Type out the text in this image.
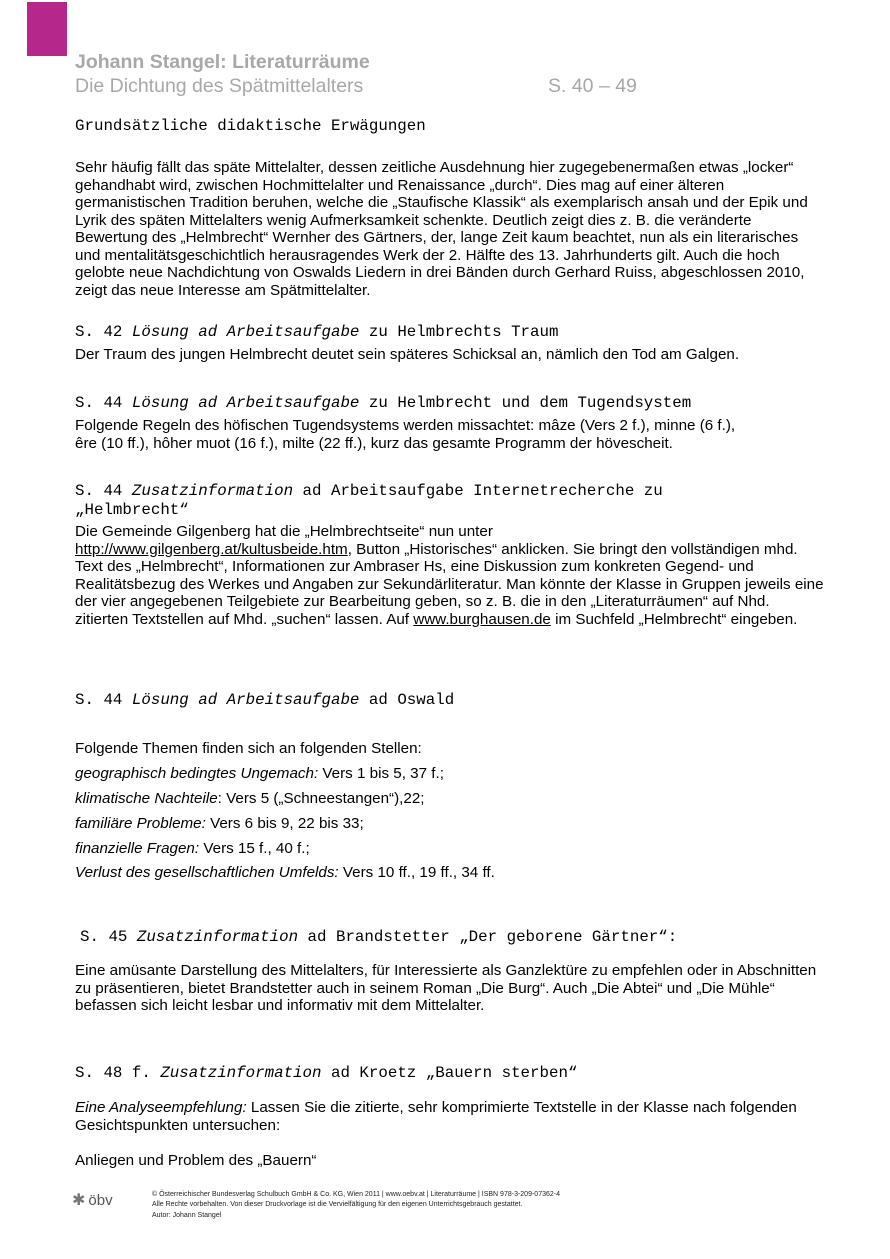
Johann Stangel: Literaturräume
Die Dichtung des Spätmittelalters	S. 40 – 49
Grundsätzliche didaktische Erwägungen
Sehr häufig fällt das späte Mittelalter, dessen zeitliche Ausdehnung hier zugegebenermaßen etwas „locker“ gehandhabt wird, zwischen Hochmittelalter und Renaissance „durch“. Dies mag auf einer älteren germanistischen Tradition beruhen, welche die „Staufische Klassik“ als exemplarisch ansah und der Epik und Lyrik des späten Mittelalters wenig Aufmerksamkeit schenkte. Deutlich zeigt dies z. B. die veränderte Bewertung des „Helmbrecht“ Wernher des Gärtners, der, lange Zeit kaum beachtet, nun als ein literarisches und mentalitätsgeschichtlich herausragendes Werk der 2. Hälfte des 13. Jahrhunderts gilt. Auch die hoch gelobte neue Nachdichtung von Oswalds Liedern in drei Bänden durch Gerhard Ruiss, abgeschlossen 2010, zeigt das neue Interesse am Spätmittelalter.
S. 42 Lösung ad Arbeitsaufgabe zu Helmbrechts Traum
Der Traum des jungen Helmbrecht deutet sein späteres Schicksal an, nämlich den Tod am Galgen.
S. 44 Lösung ad Arbeitsaufgabe zu Helmbrecht und dem Tugendsystem
Folgende Regeln des höfischen Tugendsystems werden missachtet: mâze (Vers 2 f.), minne (6 f.),
êre (10 ff.), hôher muot (16 f.), milte (22 ff.), kurz das gesamte Programm der hövescheit.
S. 44 Zusatzinformation ad Arbeitsaufgabe Internetrecherche zu
„Helmbrecht“
Die Gemeinde Gilgenberg hat die „Helmbrechtseite“ nun unter
http://www.gilgenberg.at/kultusbeide.htm, Button „Historisches“ anklicken. Sie bringt den vollständigen mhd. Text des „Helmbrecht“, Informationen zur Ambraser Hs, eine Diskussion zum konkreten Gegend- und Realitätsbezug des Werkes und Angaben zur Sekundärliteratur. Man könnte der Klasse in Gruppen jeweils eine der vier angegebenen Teilgebiete zur Bearbeitung geben, so z. B. die in den „Literaturräumen“ auf Nhd. zitierten Textstellen auf Mhd. „suchen“ lassen. Auf www.burghausen.de im Suchfeld „Helmbrecht“ eingeben.
S. 44 Lösung ad Arbeitsaufgabe ad Oswald
Folgende Themen finden sich an folgenden Stellen:
geographisch bedingtes Ungemach: Vers 1 bis 5, 37 f.;
klimatische Nachteile: Vers 5 („Schneestangen“),22;
familiäre Probleme: Vers 6 bis 9, 22 bis 33;
finanzielle Fragen: Vers 15 f., 40 f.;
Verlust des gesellschaftlichen Umfelds: Vers 10 ff., 19 ff., 34 ff.
S. 45 Zusatzinformation ad Brandstetter „Der geborene Gärtner“:
Eine amüsante Darstellung des Mittelalters, für Interessierte als Ganzlektüre zu empfehlen oder in Abschnitten zu präsentieren, bietet Brandstetter auch in seinem Roman „Die Burg“. Auch „Die Abtei“ und „Die Mühle“ befassen sich leicht lesbar und informativ mit dem Mittelalter.
S. 48 f. Zusatzinformation ad Kroetz „Bauern sterben“
Eine Analyseempfehlung: Lassen Sie die zitierte, sehr komprimierte Textstelle in der Klasse nach folgenden Gesichtspunkten untersuchen:
Anliegen und Problem des „Bauern“
✱ öbv	© Österreichischer Bundesverlag Schulbuch GmbH & Co. KG, Wien 2011 | www.oebv.at | Literaturräume | ISBN 978-3-209-07362-4
Alle Rechte vorbehalten. Von dieser Druckvorlage ist die Vervielfältigung für den eigenen Unterrichtsgebrauch gestattet.
Autor: Johann Stangel
